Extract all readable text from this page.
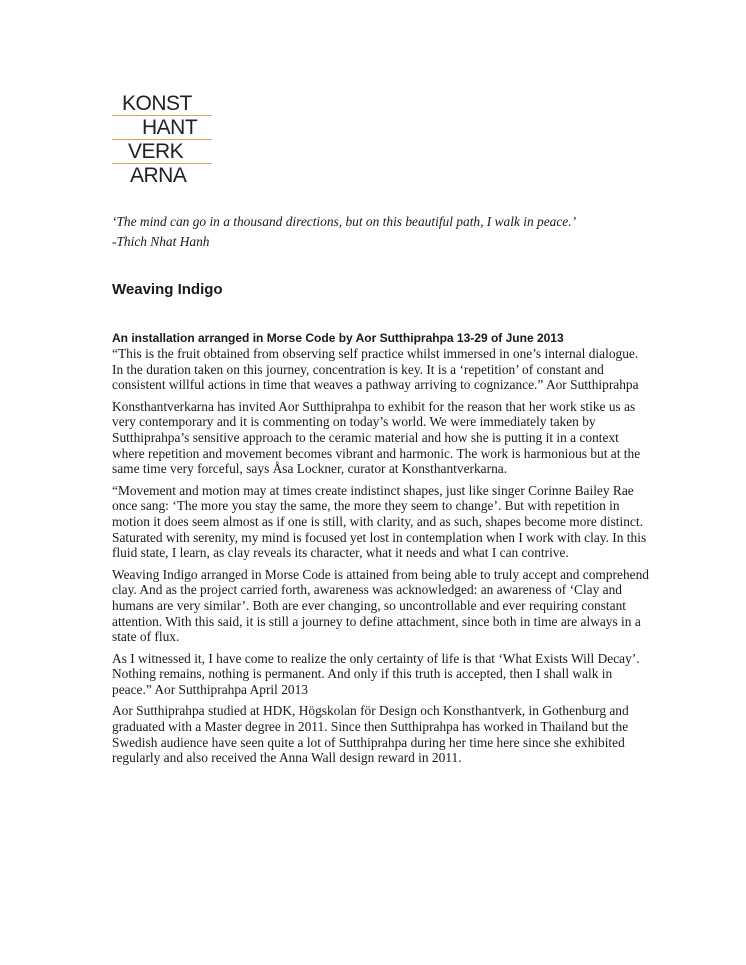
KONST
HANT
VERK
ARNA

‘The mind can go in a thousand directions, but on this beautiful path, I walk in peace.’

-Thich Nhat Hanh

Weaving Indigo

An installation arranged in Morse Code by Aor Sutthiprahpa 13-29 of June 2013

“This is the fruit obtained from observing self practice whilst immersed in one’s internal dialogue. In the duration taken on this journey, concentration is key. It is a ‘repetition’ of constant and consistent willful actions in time that weaves a pathway arriving to cognizance.” Aor Sutthiprahpa

Konsthantverkarna has invited Aor Sutthiprahpa to exhibit for the reason that her work stike us as very contemporary and it is commenting on today’s world. We were immediately taken by Sutthiprahpa’s sensitive approach to the ceramic material and how she is putting it in a context where repetition and movement becomes vibrant and harmonic. The work is harmonious but at the same time very forceful, says Åsa Lockner, curator at Konsthantverkarna.

“Movement and motion may at times create indistinct shapes, just like singer Corinne Bailey Rae once sang: ‘The more you stay the same, the more they seem to change’. But with repetition in motion it does seem almost as if one is still, with clarity, and as such, shapes become more distinct. Saturated with serenity, my mind is focused yet lost in contemplation when I work with clay. In this fluid state, I learn, as clay reveals its character, what it needs and what I can contrive.

Weaving Indigo arranged in Morse Code is attained from being able to truly accept and comprehend clay. And as the project carried forth, awareness was acknowledged: an awareness of ‘Clay and humans are very similar’. Both are ever changing, so uncontrollable and ever requiring constant attention. With this said, it is still a journey to define attachment, since both in time are always in a state of flux.

As I witnessed it, I have come to realize the only certainty of life is that ‘What Exists Will Decay’. Nothing remains, nothing is permanent. And only if this truth is accepted, then I shall walk in peace.” Aor Sutthiprahpa April 2013

Aor Sutthiprahpa studied at HDK, Högskolan för Design och Konsthantverk, in Gothenburg and graduated with a Master degree in 2011. Since then Sutthiprahpa has worked in Thailand but the Swedish audience have seen quite a lot of Sutthiprahpa during her time here since she exhibited regularly and also received the Anna Wall design reward in 2011.
